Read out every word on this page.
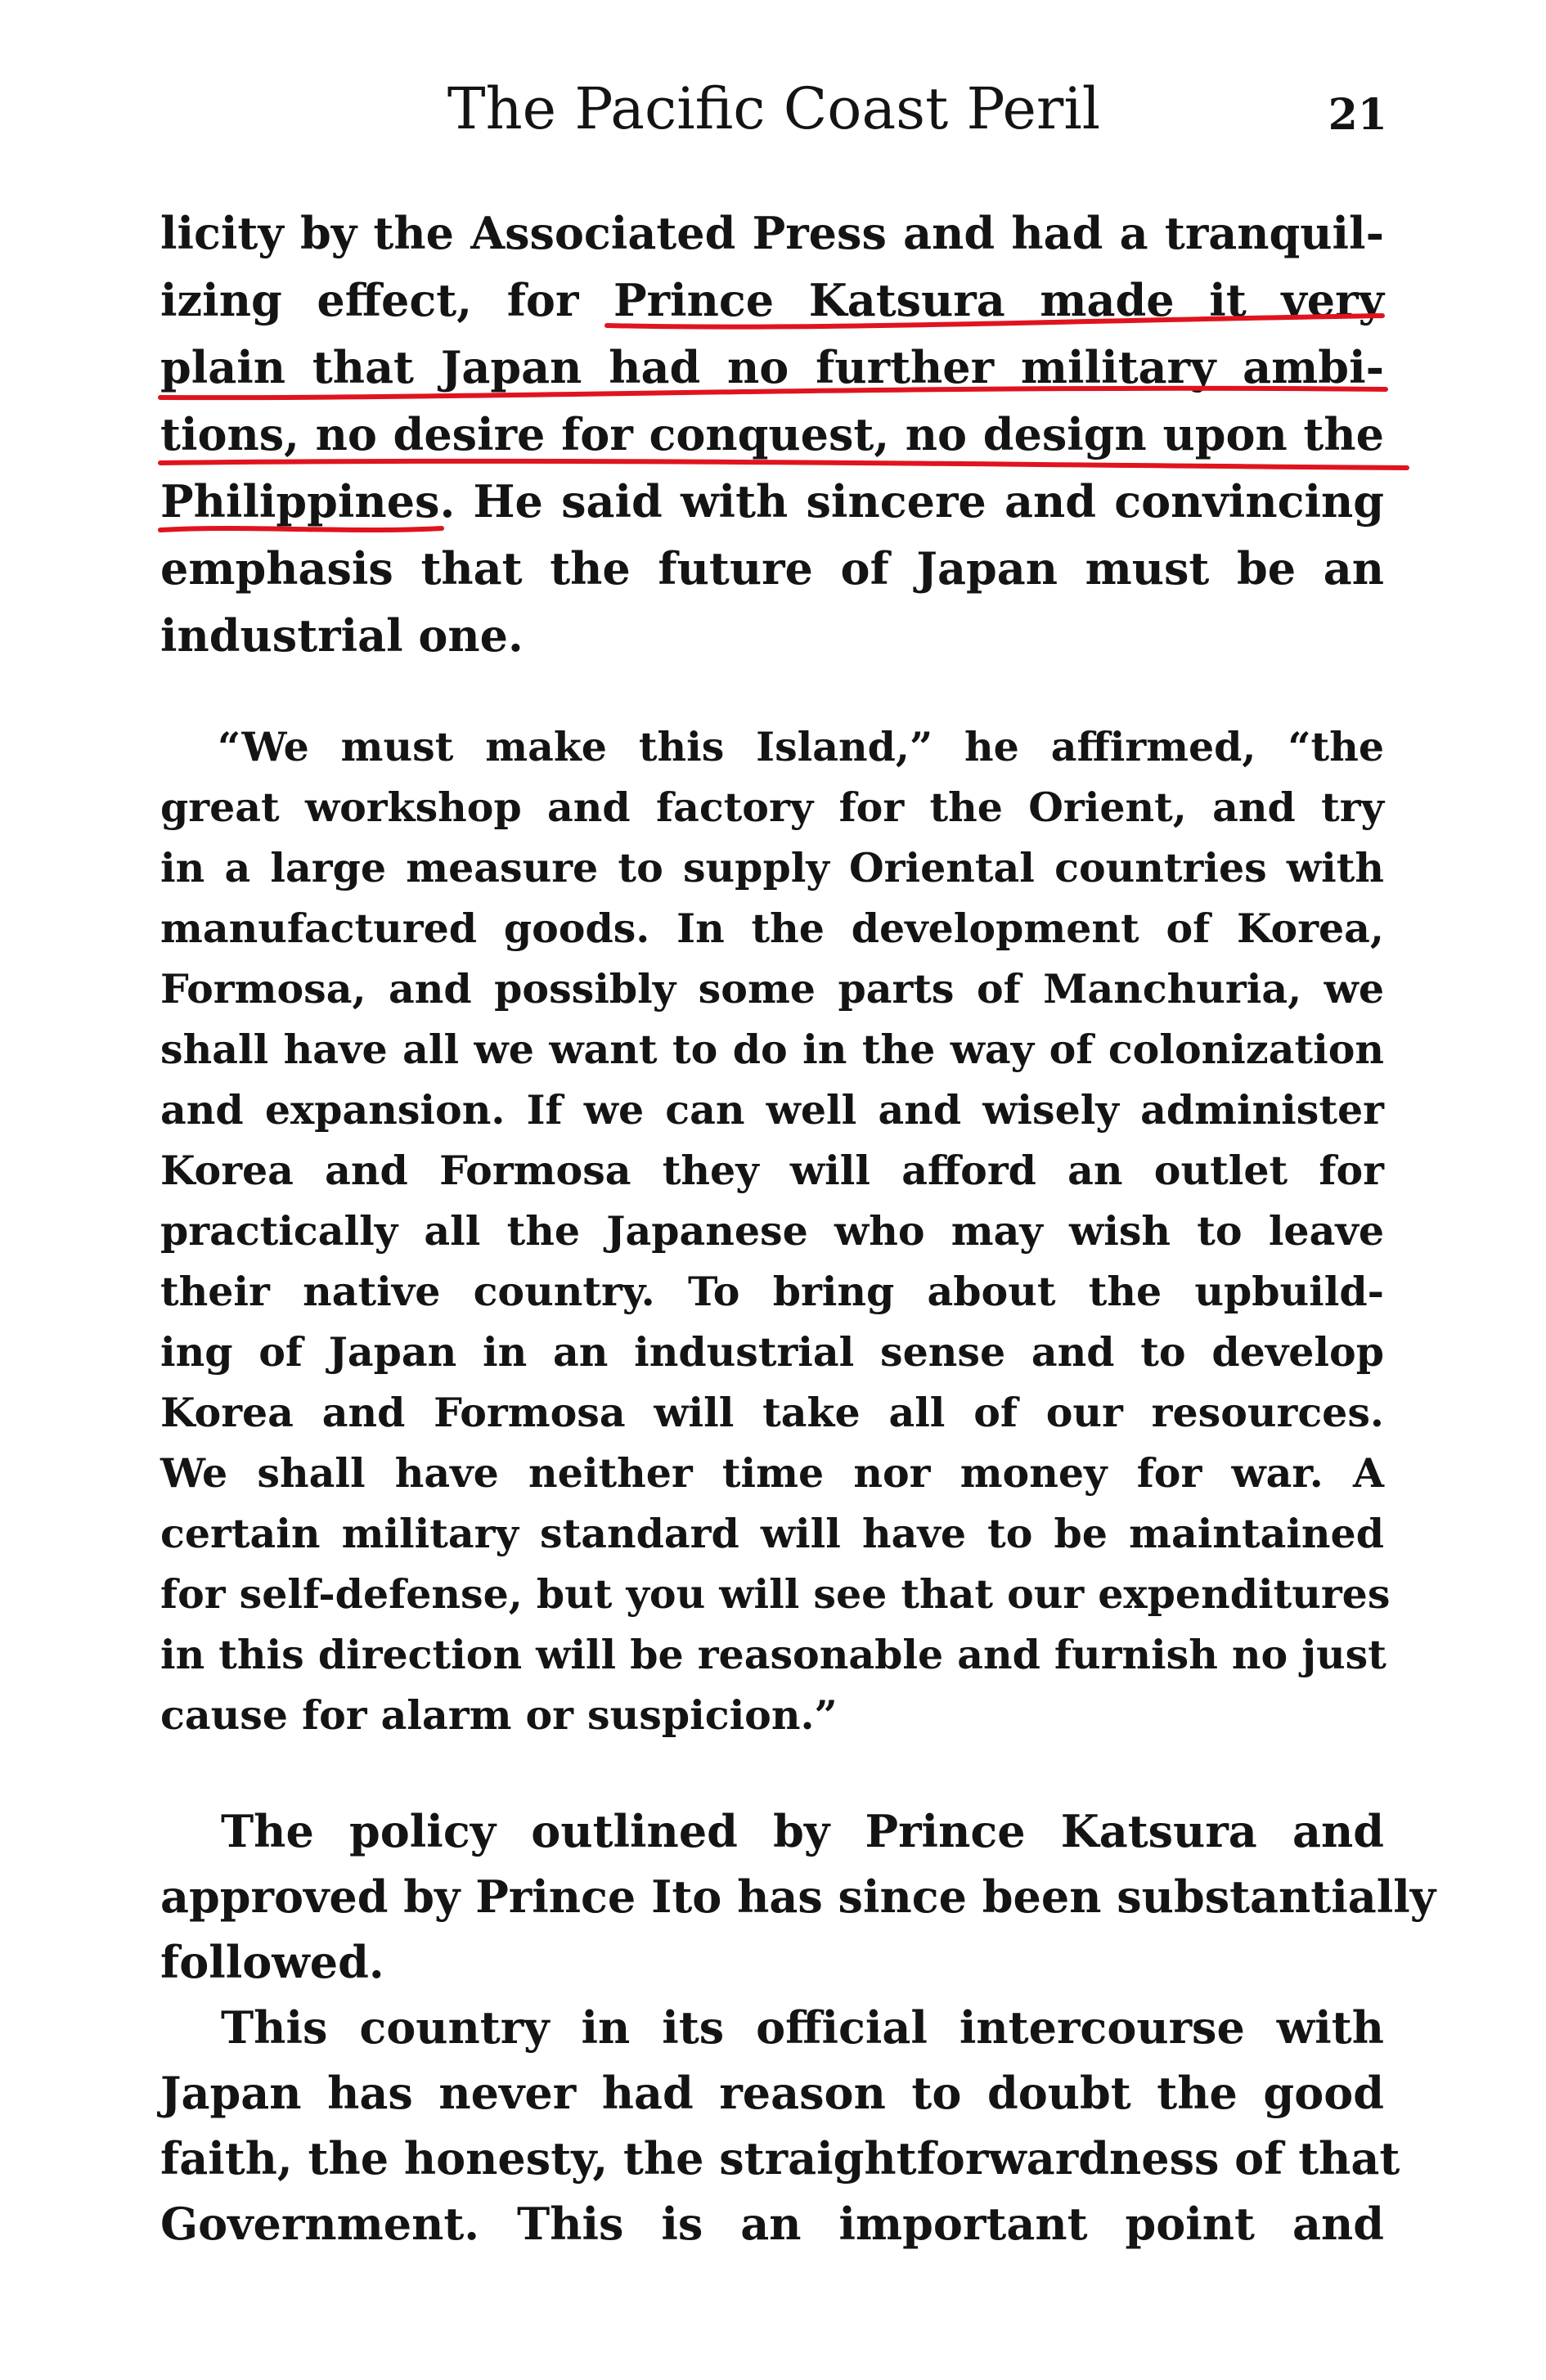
The Pacific Coast Peril	21
licity by the Associated Press and had a tranquil-
izing effect, for Prince Katsura made it very
plain that Japan had no further military ambi-
tions, no desire for conquest, no design upon the
Philippines. He said with sincere and convincing
emphasis that the future of Japan must be an
industrial one.
“We must make this Island,” he affirmed, “the
great workshop and factory for the Orient, and try
in a large measure to supply Oriental countries with
manufactured goods. In the development of Korea,
Formosa, and possibly some parts of Manchuria, we
shall have all we want to do in the way of colonization
and expansion. If we can well and wisely administer
Korea and Formosa they will afford an outlet for
practically all the Japanese who may wish to leave
their native country. To bring about the upbuild-
ing of Japan in an industrial sense and to develop
Korea and Formosa will take all of our resources.
We shall have neither time nor money for war. A
certain military standard will have to be maintained
for self-defense, but you will see that our expenditures
in this direction will be reasonable and furnish no just
cause for alarm or suspicion.”
The policy outlined by Prince Katsura and
approved by Prince Ito has since been substantially
followed.
This country in its official intercourse with
Japan has never had reason to doubt the good
faith, the honesty, the straightforwardness of that
Government. This is an important point and
